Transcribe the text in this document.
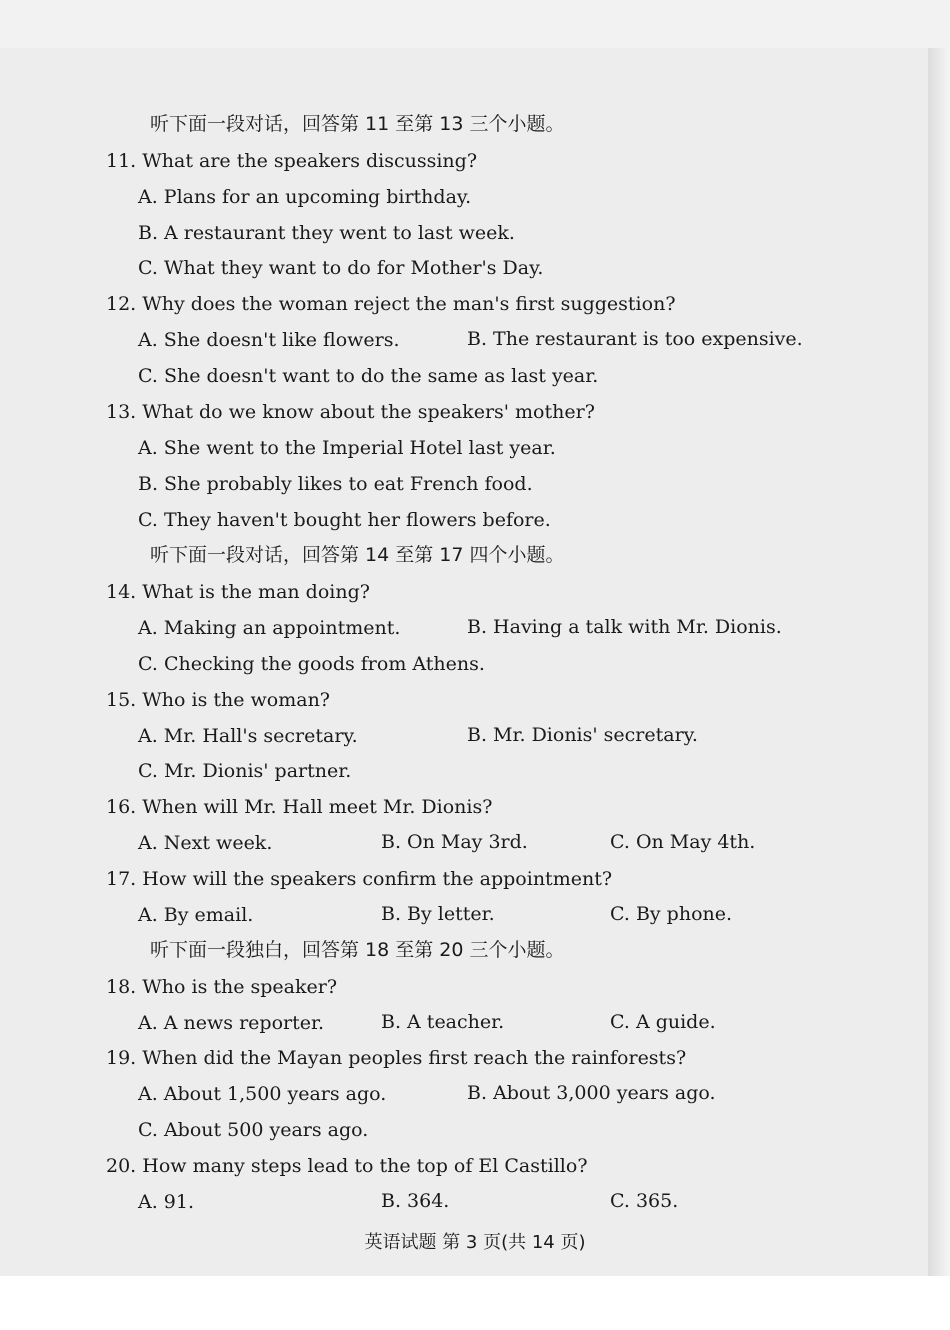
听下面一段对话，回答第 11 至第 13 三个小题。
11. What are the speakers discussing?
A. Plans for an upcoming birthday.
B. A restaurant they went to last week.
C. What they want to do for Mother's Day.
12. Why does the woman reject the man's first suggestion?
A. She doesn't like flowers.	B. The restaurant is too expensive.
C. She doesn't want to do the same as last year.
13. What do we know about the speakers' mother?
A. She went to the Imperial Hotel last year.
B. She probably likes to eat French food.
C. They haven't bought her flowers before.
听下面一段对话，回答第 14 至第 17 四个小题。
14. What is the man doing?
A. Making an appointment.	B. Having a talk with Mr. Dionis.
C. Checking the goods from Athens.
15. Who is the woman?
A. Mr. Hall's secretary.	B. Mr. Dionis' secretary.
C. Mr. Dionis' partner.
16. When will Mr. Hall meet Mr. Dionis?
A. Next week.	B. On May 3rd.	C. On May 4th.
17. How will the speakers confirm the appointment?
A. By email.	B. By letter.	C. By phone.
听下面一段独白，回答第 18 至第 20 三个小题。
18. Who is the speaker?
A. A news reporter.	B. A teacher.	C. A guide.
19. When did the Mayan peoples first reach the rainforests?
A. About 1,500 years ago.	B. About 3,000 years ago.
C. About 500 years ago.
20. How many steps lead to the top of El Castillo?
A. 91.	B. 364.	C. 365.
英语试题 第 3 页(共 14 页)
